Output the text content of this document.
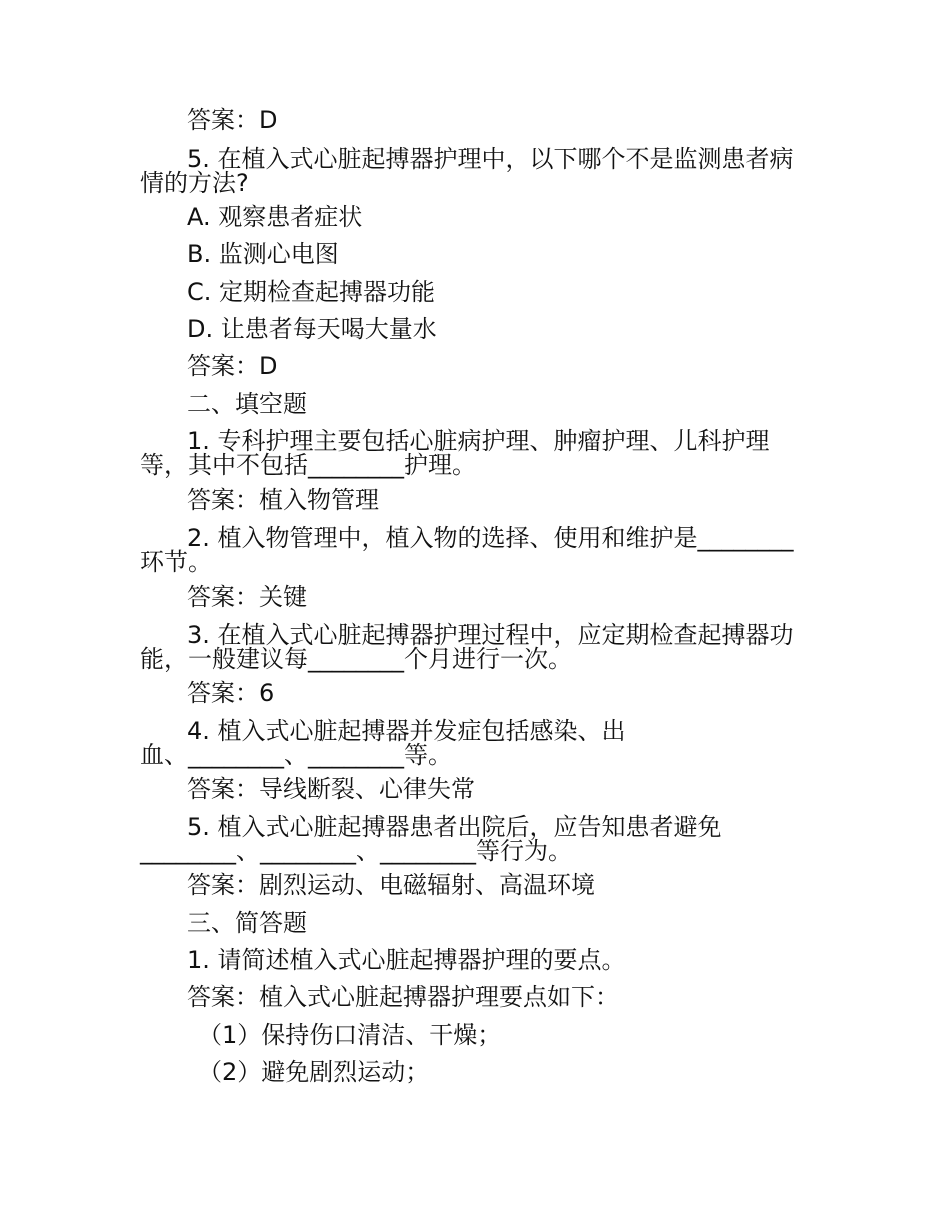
答案：D
5. 在植入式心脏起搏器护理中，以下哪个不是监测患者病
情的方法?
A. 观察患者症状
B. 监测心电图
C. 定期检查起搏器功能
D. 让患者每天喝大量水
答案：D
二、填空题
1. 专科护理主要包括心脏病护理、肿瘤护理、儿科护理
等，其中不包括________护理。
答案：植入物管理
2. 植入物管理中，植入物的选择、使用和维护是________
环节。
答案：关键
3. 在植入式心脏起搏器护理过程中，应定期检查起搏器功
能，一般建议每________个月进行一次。
答案：6
4. 植入式心脏起搏器并发症包括感染、出
血、________、________等。
答案：导线断裂、心律失常
5. 植入式心脏起搏器患者出院后，应告知患者避免
________、________、________等行为。
答案：剧烈运动、电磁辐射、高温环境
三、简答题
1. 请简述植入式心脏起搏器护理的要点。
答案：植入式心脏起搏器护理要点如下：
（1）保持伤口清洁、干燥；
（2）避免剧烈运动；
